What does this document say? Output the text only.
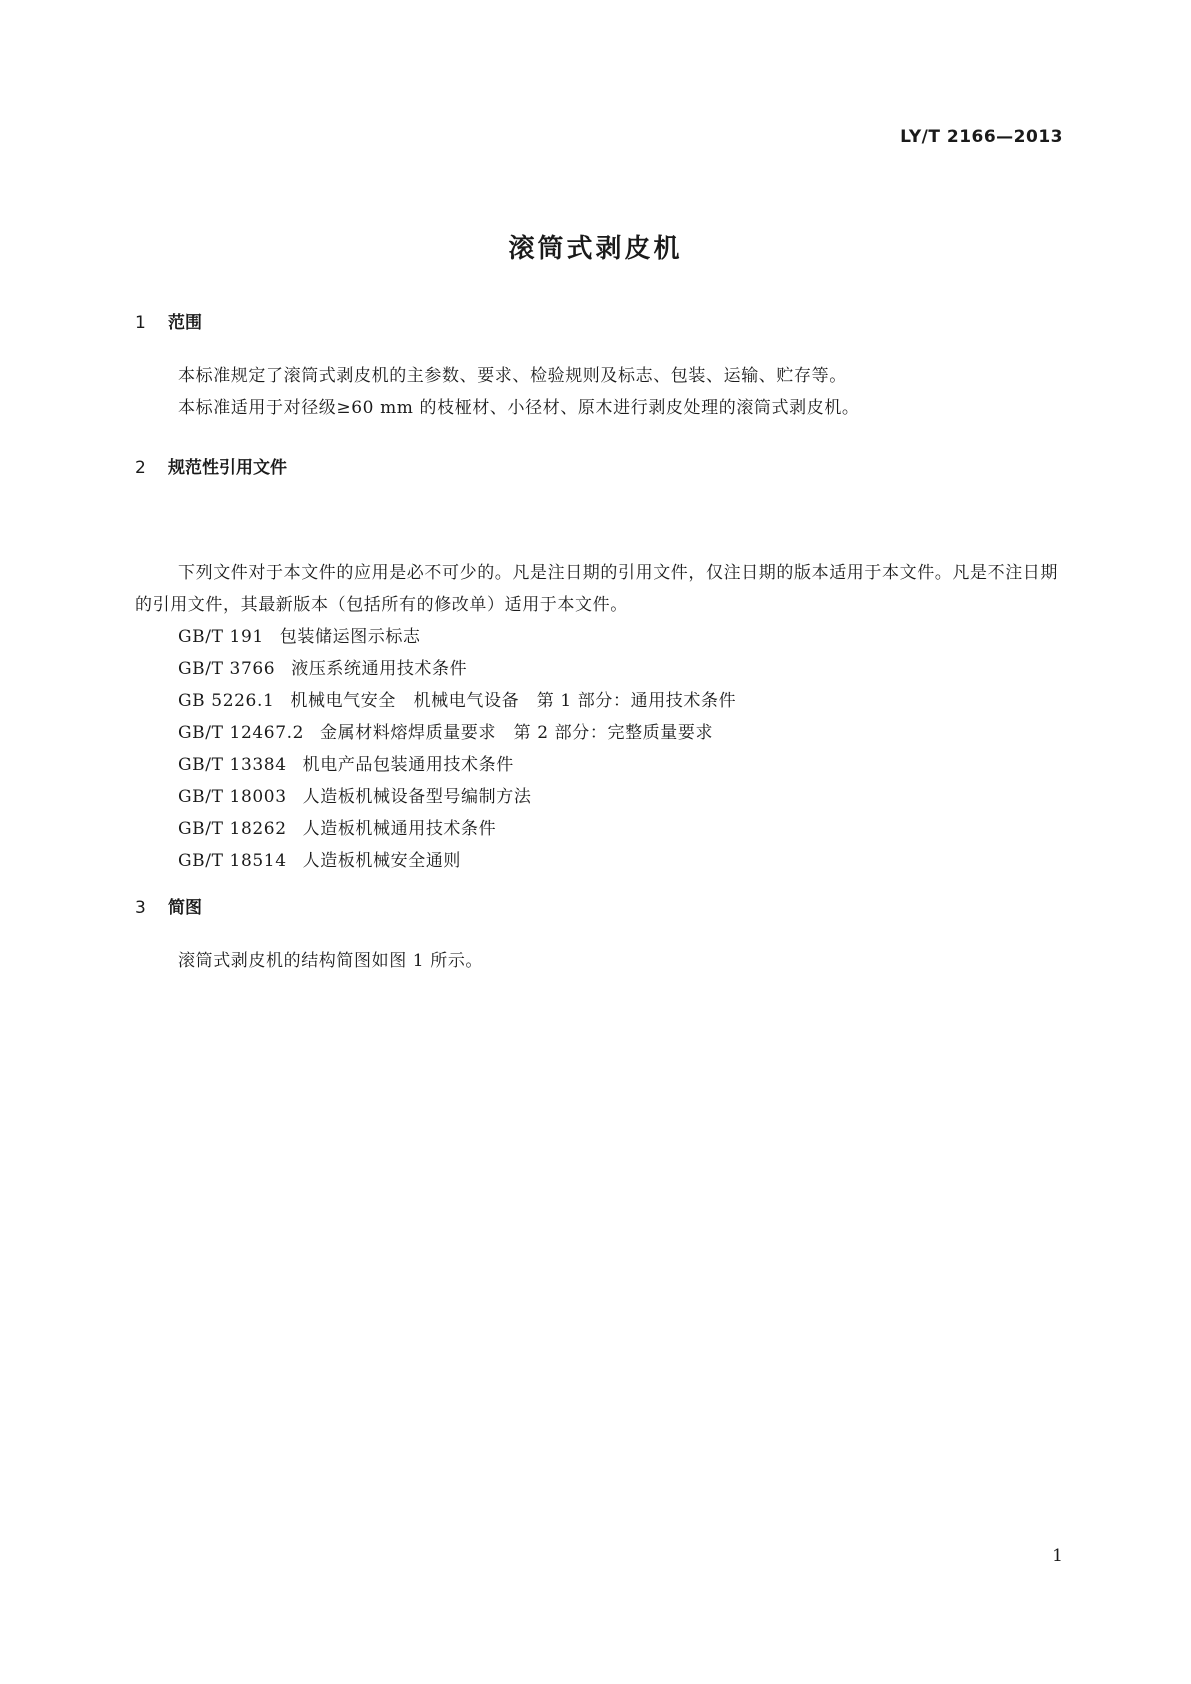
LY/T 2166—2013
滚筒式剥皮机
1 范围

本标准规定了滚筒式剥皮机的主参数、要求、检验规则及标志、包装、运输、贮存等。

本标准适用于对径级≥60 mm 的枝桠材、小径材、原木进行剥皮处理的滚筒式剥皮机。

2 规范性引用文件

下列文件对于本文件的应用是必不可少的。凡是注日期的引用文件，仅注日期的版本适用于本文件。凡是不注日期的引用文件，其最新版本（包括所有的修改单）适用于本文件。

GB/T 191 包装储运图示标志
GB/T 3766 液压系统通用技术条件
GB 5226.1 机械电气安全　机械电气设备　第 1 部分：通用技术条件
GB/T 12467.2 金属材料熔焊质量要求　第 2 部分：完整质量要求
GB/T 13384 机电产品包装通用技术条件
GB/T 18003 人造板机械设备型号编制方法
GB/T 18262 人造板机械通用技术条件
GB/T 18514 人造板机械安全通则
3 简图

滚筒式剥皮机的结构简图如图 1 所示。

1
